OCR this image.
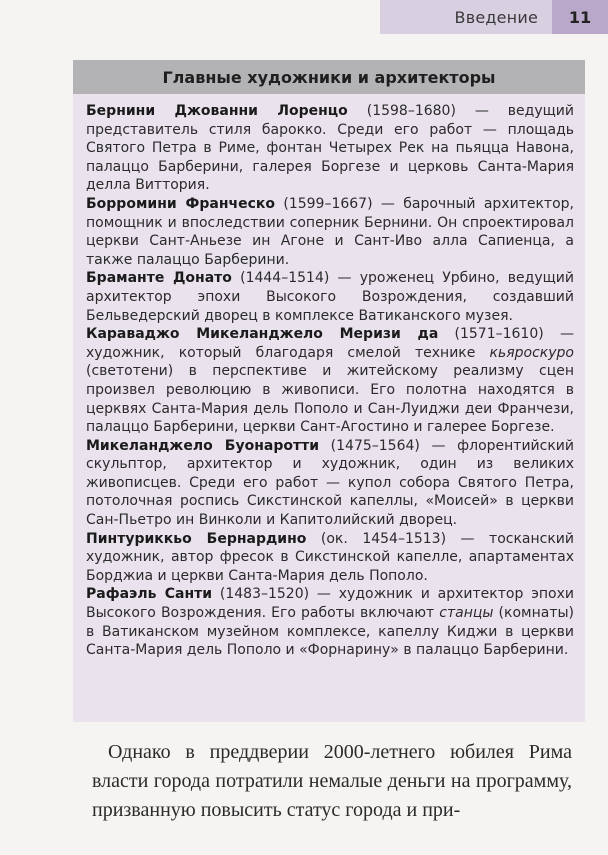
Введение	11
Главные художники и архитекторы

Бернини Джованни Лоренцо (1598–1680) — ведущий представитель стиля барокко. Среди его работ — площадь Святого Петра в Риме, фонтан Четырех Рек на пьяцца Навона, палаццо Барберини, галерея Боргезе и церковь Санта-Мария делла Виттория.

Борромини Франческо (1599–1667) — барочный архитектор, помощник и впоследствии соперник Бернини. Он спроектировал церкви Сант-Аньезе ин Агоне и Сант-Иво алла Сапиенца, а также палаццо Барберини.

Браманте Донато (1444–1514) — уроженец Урбино, ведущий архитектор эпохи Высокого Возрождения, создавший Бельведерский дворец в комплексе Ватиканского музея.

Караваджо Микеланджело Меризи да (1571–1610) — художник, который благодаря смелой технике кьяроскуро (светотени) в перспективе и житейскому реализму сцен произвел революцию в живописи. Его полотна находятся в церквях Санта-Мария дель Пополо и Сан-Луиджи деи Франчези, палаццо Барберини, церкви Сант-Агостино и галерее Боргезе.

Микеланджело Буонаротти (1475–1564) — флорентийский скульптор, архитектор и художник, один из великих живописцев. Среди его работ — купол собора Святого Петра, потолочная роспись Сикстинской капеллы, «Моисей» в церкви Сан-Пьетро ин Винколи и Капитолийский дворец.

Пинтуриккьо Бернардино (ок. 1454–1513) — тосканский художник, автор фресок в Сикстинской капелле, апартаментах Борджиа и церкви Санта-Мария дель Пополо.

Рафаэль Санти (1483–1520) — художник и архитектор эпохи Высокого Возрождения. Его работы включают станцы (комнаты) в Ватиканском музейном комплексе, капеллу Киджи в церкви Санта-Мария дель Пополо и «Форнарину» в палаццо Барберини.

Однако в преддверии 2000-летнего юбилея Рима власти города потратили немалые деньги на программу, призванную повысить статус города и при-
